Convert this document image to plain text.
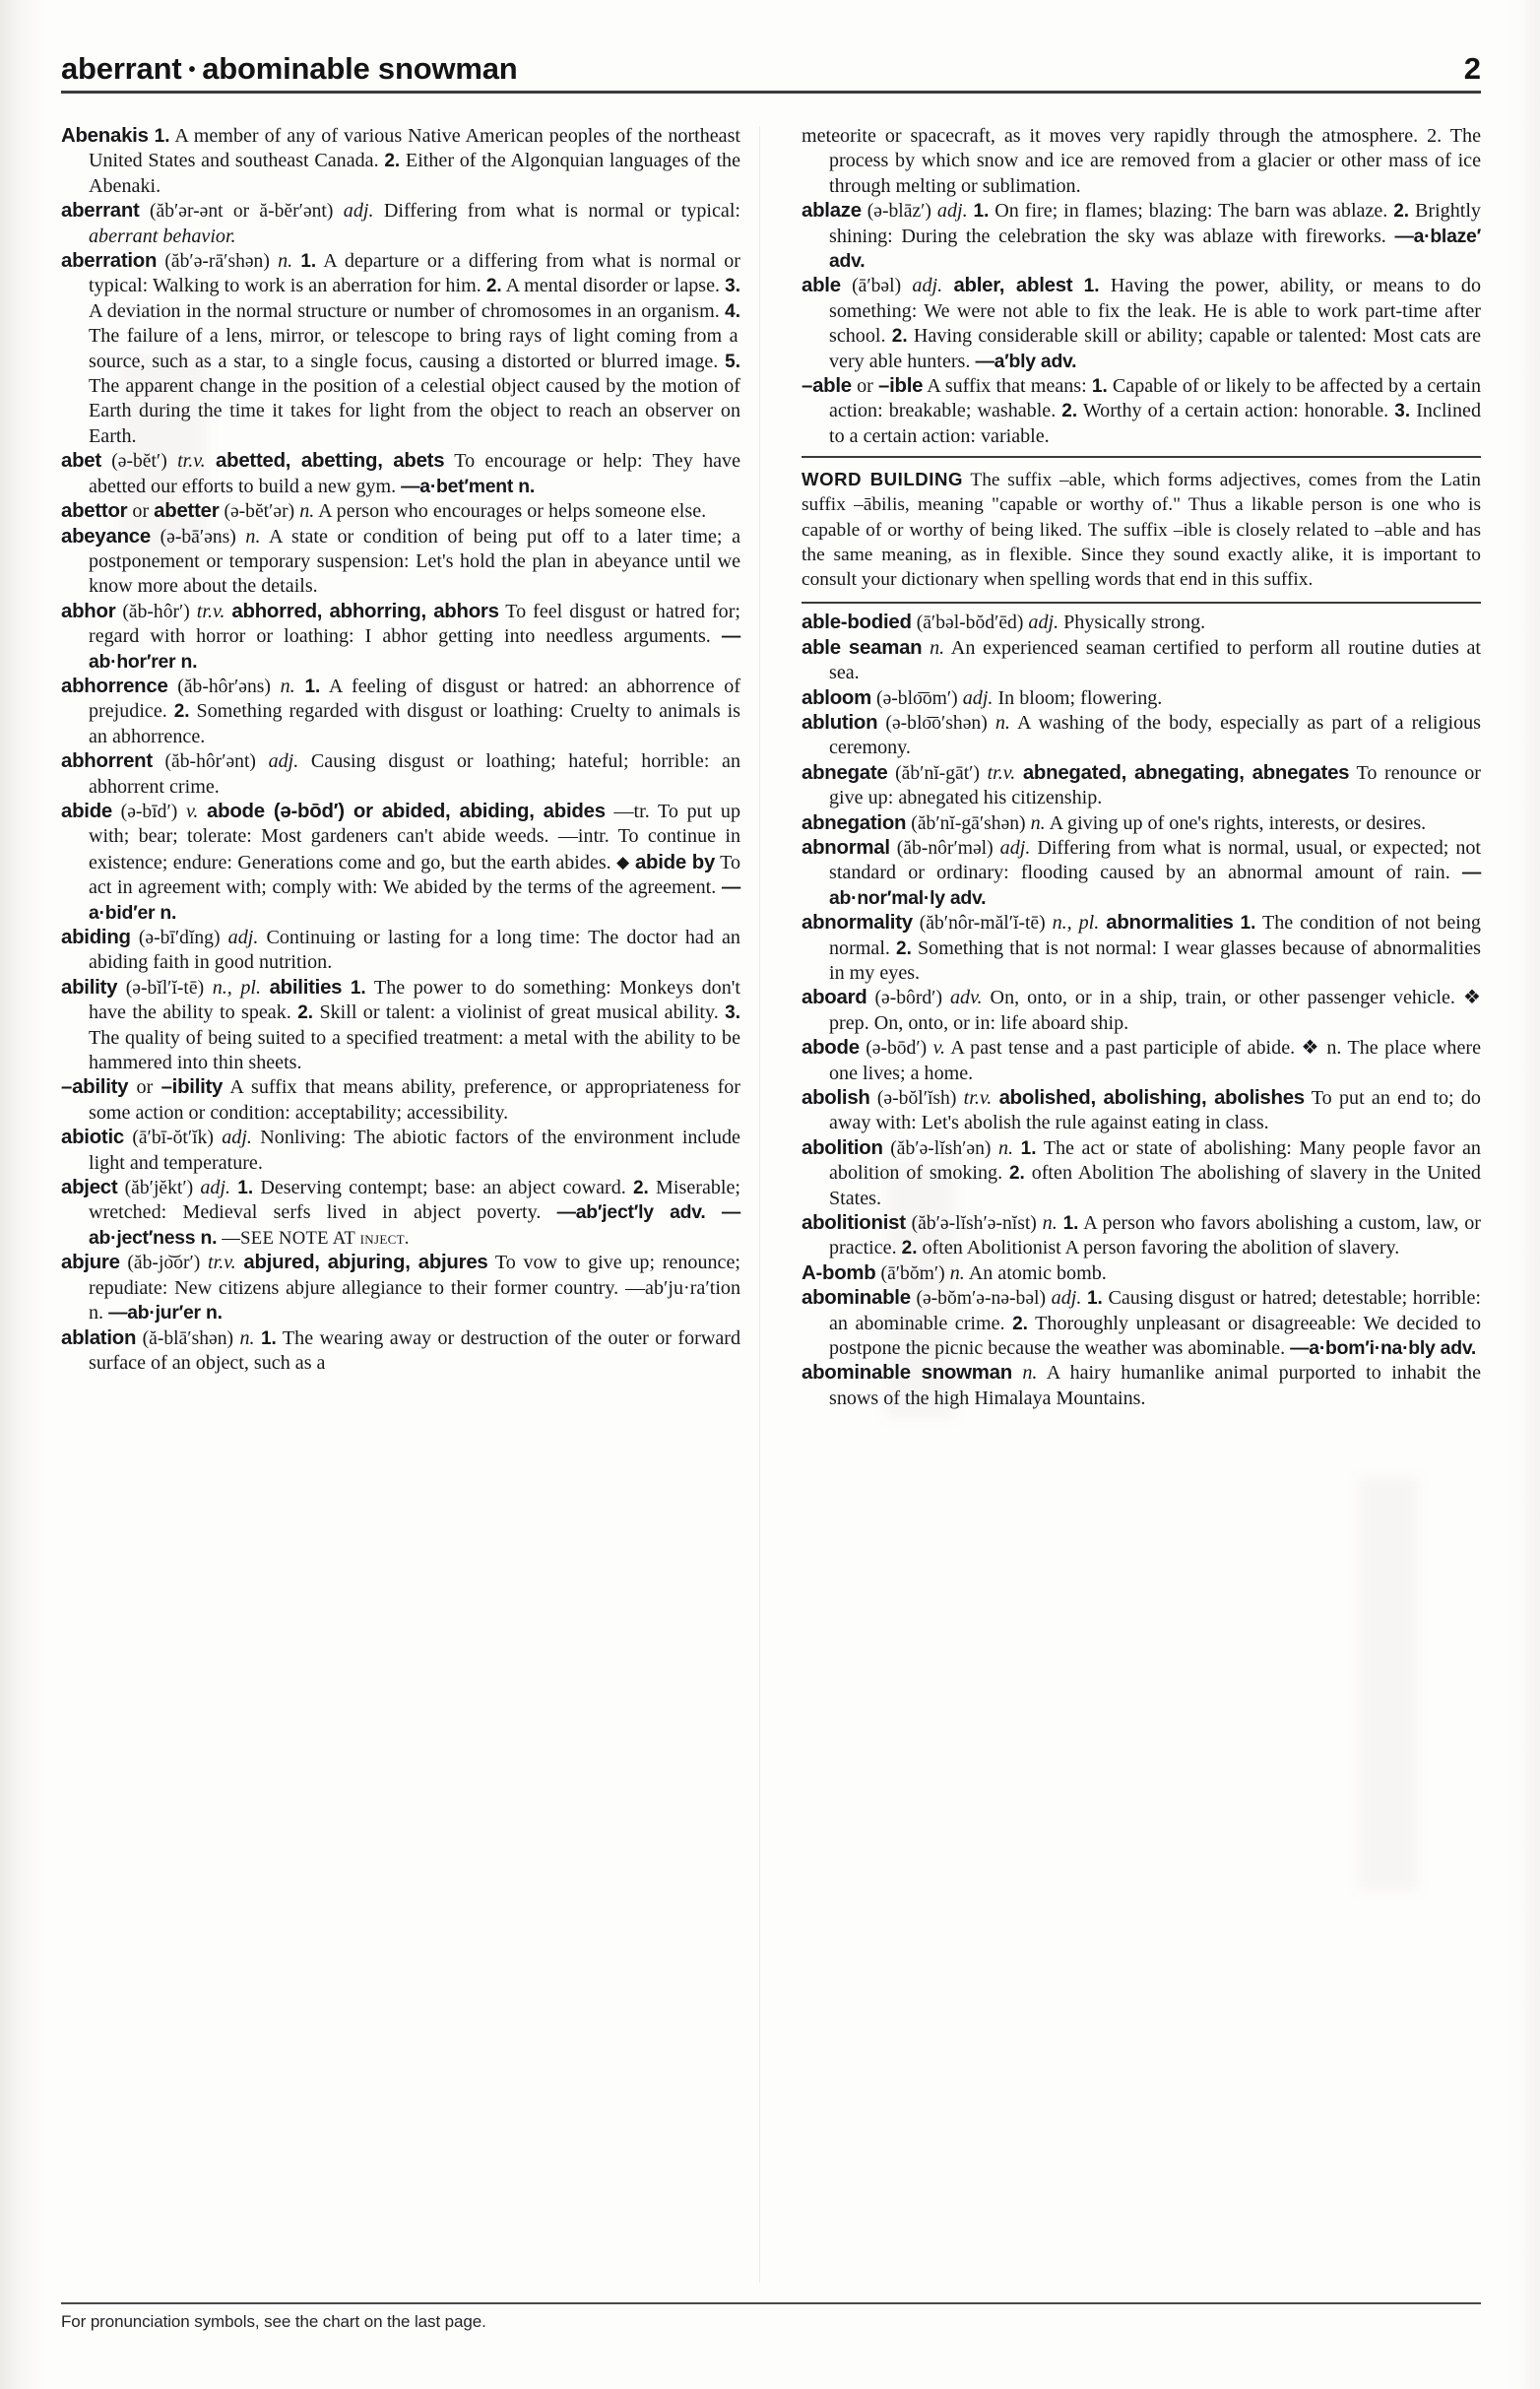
aberrant • abominable snowman	2

Abenakis 1. A member of any of various Native American peoples of the northeast United States and southeast Canada. 2. Either of the Algonquian languages of the Abenaki.

aberrant (ăb′ər-ənt or ă-bĕr′ənt) adj. Differing from what is normal or typical: aberrant behavior.

aberration (ăb′ə-rā′shən) n. 1. A departure or a differing from what is normal or typical: Walking to work is an aberration for him. 2. A mental disorder or lapse. 3. A deviation in the normal structure or number of chromosomes in an organism. 4. The failure of a lens, mirror, or telescope to bring rays of light coming from a source, such as a star, to a single focus, causing a distorted or blurred image. 5. The apparent change in the position of a celestial object caused by the motion of Earth during the time it takes for light from the object to reach an observer on Earth.

abet (ə-bĕt′) tr.v. abetted, abetting, abets To encourage or help: They have abetted our efforts to build a new gym. —a·bet′ment n.

abettor or abetter (ə-bĕt′ər) n. A person who encourages or helps someone else.

abeyance (ə-bā′əns) n. A state or condition of being put off to a later time; a postponement or temporary suspension: Let's hold the plan in abeyance until we know more about the details.

abhor (ăb-hôr′) tr.v. abhorred, abhorring, abhors To feel disgust or hatred for; regard with horror or loathing: I abhor getting into needless arguments. —ab·hor′rer n.

abhorrence (ăb-hôr′əns) n. 1. A feeling of disgust or hatred: an abhorrence of prejudice. 2. Something regarded with disgust or loathing: Cruelty to animals is an abhorrence.

abhorrent (ăb-hôr′ənt) adj. Causing disgust or loathing; hateful; horrible: an abhorrent crime.

abide (ə-bīd′) v. abode (ə-bōd′) or abided, abiding, abides —tr. To put up with; bear; tolerate: Most gardeners can't abide weeds. —intr. To continue in existence; endure: Generations come and go, but the earth abides. ◆ abide by To act in agreement with; comply with: We abided by the terms of the agreement. —a·bid′er n.

abiding (ə-bī′dĭng) adj. Continuing or lasting for a long time: The doctor had an abiding faith in good nutrition.

ability (ə-bĭl′ĭ-tē) n., pl. abilities 1. The power to do something: Monkeys don't have the ability to speak. 2. Skill or talent: a violinist of great musical ability. 3. The quality of being suited to a specified treatment: a metal with the ability to be hammered into thin sheets.

–ability or –ibility A suffix that means ability, preference, or appropriateness for some action or condition: acceptability; accessibility.

abiotic (ā′bī-ŏt′ĭk) adj. Nonliving: The abiotic factors of the environment include light and temperature.

abject (ăb′jĕkt′) adj. 1. Deserving contempt; base: an abject coward. 2. Miserable; wretched: Medieval serfs lived in abject poverty. —ab′ject′ly adv. —ab·ject′ness n. —SEE NOTE AT inject.

abjure (ăb-jo͝or′) tr.v. abjured, abjuring, abjures To vow to give up; renounce; repudiate: New citizens abjure allegiance to their former country. —ab′ju·ra′tion n. —ab·jur′er n.

ablation (ă-blā′shən) n. 1. The wearing away or destruction of the outer or forward surface of an object, such as a

meteorite or spacecraft, as it moves very rapidly through the atmosphere. 2. The process by which snow and ice are removed from a glacier or other mass of ice through melting or sublimation.

ablaze (ə-blāz′) adj. 1. On fire; in flames; blazing: The barn was ablaze. 2. Brightly shining: During the celebration the sky was ablaze with fireworks. —a·blaze′ adv.

able (ā′bəl) adj. abler, ablest 1. Having the power, ability, or means to do something: We were not able to fix the leak. He is able to work part-time after school. 2. Having considerable skill or ability; capable or talented: Most cats are very able hunters. —a′bly adv.

–able or –ible A suffix that means: 1. Capable of or likely to be affected by a certain action: breakable; washable. 2. Worthy of a certain action: honorable. 3. Inclined to a certain action: variable.

WORD BUILDING The suffix –able, which forms adjectives, comes from the Latin suffix –ābilis, meaning "capable or worthy of." Thus a likable person is one who is capable of or worthy of being liked. The suffix –ible is closely related to –able and has the same meaning, as in flexible. Since they sound exactly alike, it is important to consult your dictionary when spelling words that end in this suffix.

able-bodied (ā′bəl-bŏd′ēd) adj. Physically strong.

able seaman n. An experienced seaman certified to perform all routine duties at sea.

abloom (ə-blo͞om′) adj. In bloom; flowering.

ablution (ə-blo͞o′shən) n. A washing of the body, especially as part of a religious ceremony.

abnegate (ăb′nĭ-gāt′) tr.v. abnegated, abnegating, abnegates To renounce or give up: abnegated his citizenship.

abnegation (ăb′nĭ-gā′shən) n. A giving up of one's rights, interests, or desires.

abnormal (ăb-nôr′məl) adj. Differing from what is normal, usual, or expected; not standard or ordinary: flooding caused by an abnormal amount of rain. —ab·nor′mal·ly adv.

abnormality (ăb′nôr-măl′ĭ-tē) n., pl. abnormalities 1. The condition of not being normal. 2. Something that is not normal: I wear glasses because of abnormalities in my eyes.

aboard (ə-bôrd′) adv. On, onto, or in a ship, train, or other passenger vehicle. ❖ prep. On, onto, or in: life aboard ship.

abode (ə-bōd′) v. A past tense and a past participle of abide. ❖ n. The place where one lives; a home.

abolish (ə-bŏl′ĭsh) tr.v. abolished, abolishing, abolishes To put an end to; do away with: Let's abolish the rule against eating in class.

abolition (ăb′ə-lĭsh′ən) n. 1. The act or state of abolishing: Many people favor an abolition of smoking. 2. often Abolition The abolishing of slavery in the United States.

abolitionist (ăb′ə-lĭsh′ə-nĭst) n. 1. A person who favors abolishing a custom, law, or practice. 2. often Abolitionist A person favoring the abolition of slavery.

A-bomb (ā′bŏm′) n. An atomic bomb.

abominable (ə-bŏm′ə-nə-bəl) adj. 1. Causing disgust or hatred; detestable; horrible: an abominable crime. 2. Thoroughly unpleasant or disagreeable: We decided to postpone the picnic because the weather was abominable. —a·bom′i·na·bly adv.

abominable snowman n. A hairy humanlike animal purported to inhabit the snows of the high Himalaya Mountains.

For pronunciation symbols, see the chart on the last page.
